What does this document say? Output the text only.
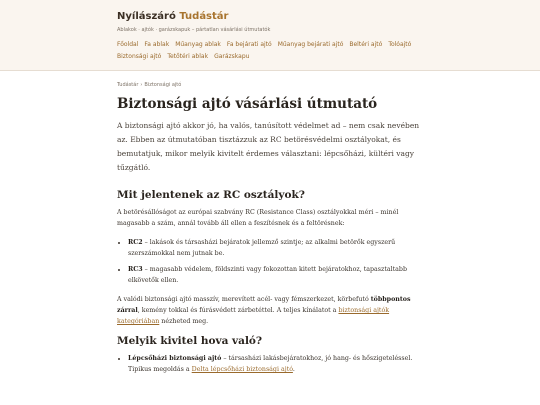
Nyílászáró Tudástár
Ablakok · ajtók · garázskapuk – pártatlan vásárlási útmutatók
Főoldal Fa ablak Műanyag ablak Fa bejárati ajtó Műanyag bejárati ajtó Beltéri ajtó TolóajtóBiztonsági ajtó Tetőtéri ablak Garázskapu
Tudástár › Biztonsági ajtó
Biztonsági ajtó vásárlási útmutató

A biztonsági ajtó akkor jó, ha valós, tanúsított védelmet ad – nem csak nevében az. Ebben az útmutatóban tisztázzuk az RC betörésvédelmi osztályokat, és bemutatjuk, mikor melyik kivitelt érdemes választani: lépcsőházi, kültéri vagy tűzgátló.

Mit jelentenek az RC osztályok?

A betörésállóságot az európai szabvány RC (Resistance Class) osztályokkal méri – minél magasabb a szám, annál tovább áll ellen a feszítésnek és a feltörésnek:

• RC2 – lakások és társasházi bejáratok jellemző szintje; az alkalmi betörők egyszerű szerszámokkal nem jutnak be.
• RC3 – magasabb védelem, földszinti vagy fokozottan kitett bejáratokhoz, tapasztaltabb elkövetők ellen.

A valódi biztonsági ajtó masszív, merevített acél- vagy fémszerkezet, körbefutó többpontos zárral, kemény tokkal és fúrásvédett zárbetéttel. A teljes kínálatot a biztonsági ajtók kategóriában nézheted meg.

Melyik kivitel hova való?
• Lépcsőházi biztonsági ajtó – társasházi lakásbejáratokhoz, jó hang- és hőszigeteléssel. Tipikus megoldás a Delta lépcsőházi biztonsági ajtó.
